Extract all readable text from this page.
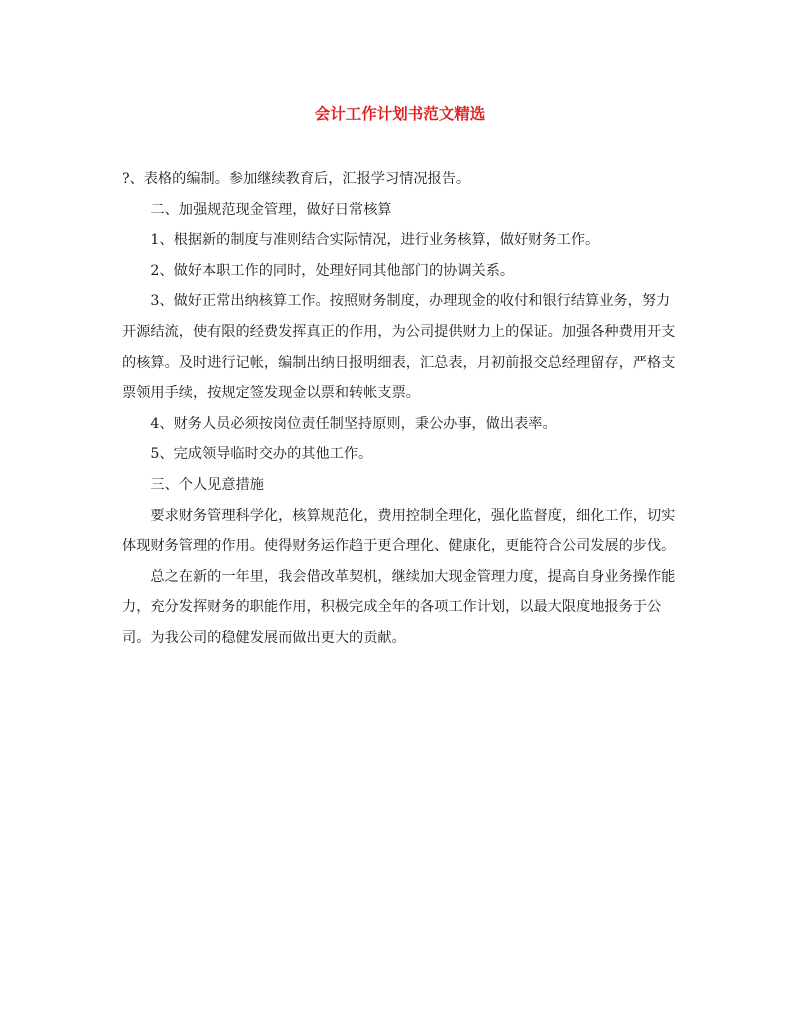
会计工作计划书范文精选

?、表格的编制。参加继续教育后，汇报学习情况报告。

二、加强规范现金管理，做好日常核算

1、根据新的制度与准则结合实际情况，进行业务核算，做好财务工作。

2、做好本职工作的同时，处理好同其他部门的协调关系。

3、做好正常出纳核算工作。按照财务制度，办理现金的收付和银行结算业务，努力开源结流，使有限的经费发挥真正的作用，为公司提供财力上的保证。加强各种费用开支的核算。及时进行记帐，编制出纳日报明细表，汇总表，月初前报交总经理留存，严格支票领用手续，按规定签发现金以票和转帐支票。

4、财务人员必须按岗位责任制坚持原则，秉公办事，做出表率。

5、完成领导临时交办的其他工作。

三、个人见意措施

要求财务管理科学化，核算规范化，费用控制全理化，强化监督度，细化工作，切实体现财务管理的作用。使得财务运作趋于更合理化、健康化，更能符合公司发展的步伐。

总之在新的一年里，我会借改革契机，继续加大现金管理力度，提高自身业务操作能力，充分发挥财务的职能作用，积极完成全年的各项工作计划，以最大限度地报务于公司。为我公司的稳健发展而做出更大的贡献。
